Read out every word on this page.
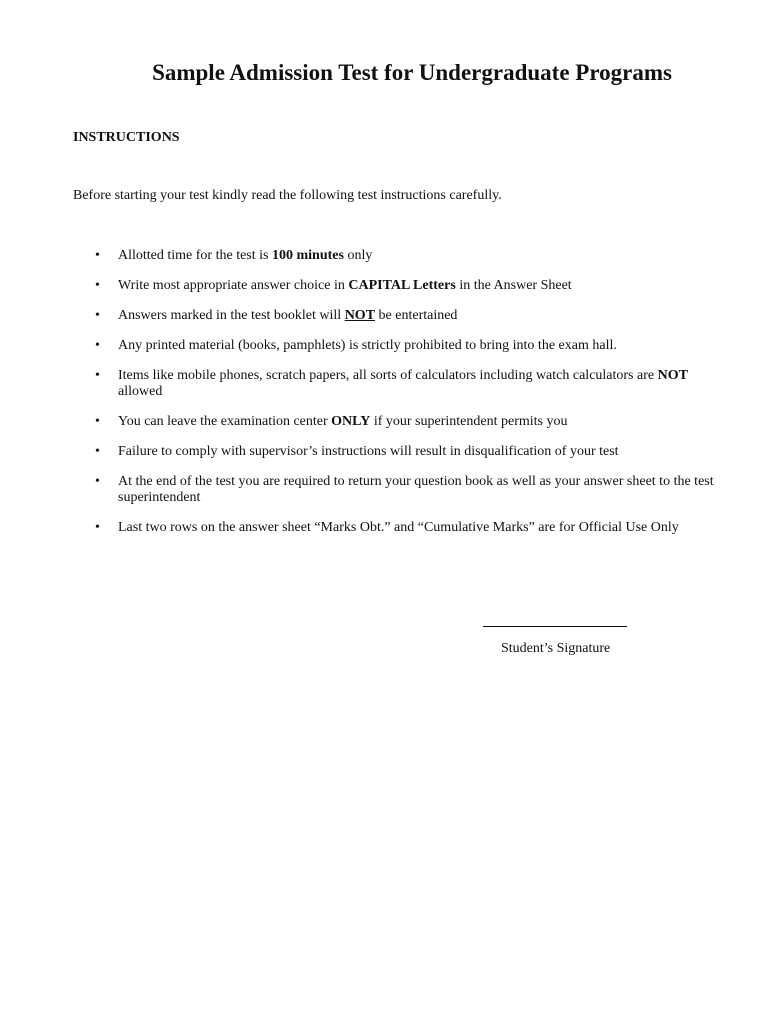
Sample Admission Test for Undergraduate Programs
INSTRUCTIONS

Before starting your test kindly read the following test instructions carefully.

• Allotted time for the test is 100 minutes only
• Write most appropriate answer choice in CAPITAL Letters in the Answer Sheet
• Answers marked in the test booklet will NOT be entertained
• Any printed material (books, pamphlets) is strictly prohibited to bring into the exam hall.
• Items like mobile phones, scratch papers, all sorts of calculators including watch calculators are NOT allowed
• You can leave the examination center ONLY if your superintendent permits you
• Failure to comply with supervisor’s instructions will result in disqualification of your test
• At the end of the test you are required to return your question book as well as your answer sheet to the test superintendent
• Last two rows on the answer sheet “Marks Obt.” and “Cumulative Marks” are for Official Use Only

Student’s Signature
